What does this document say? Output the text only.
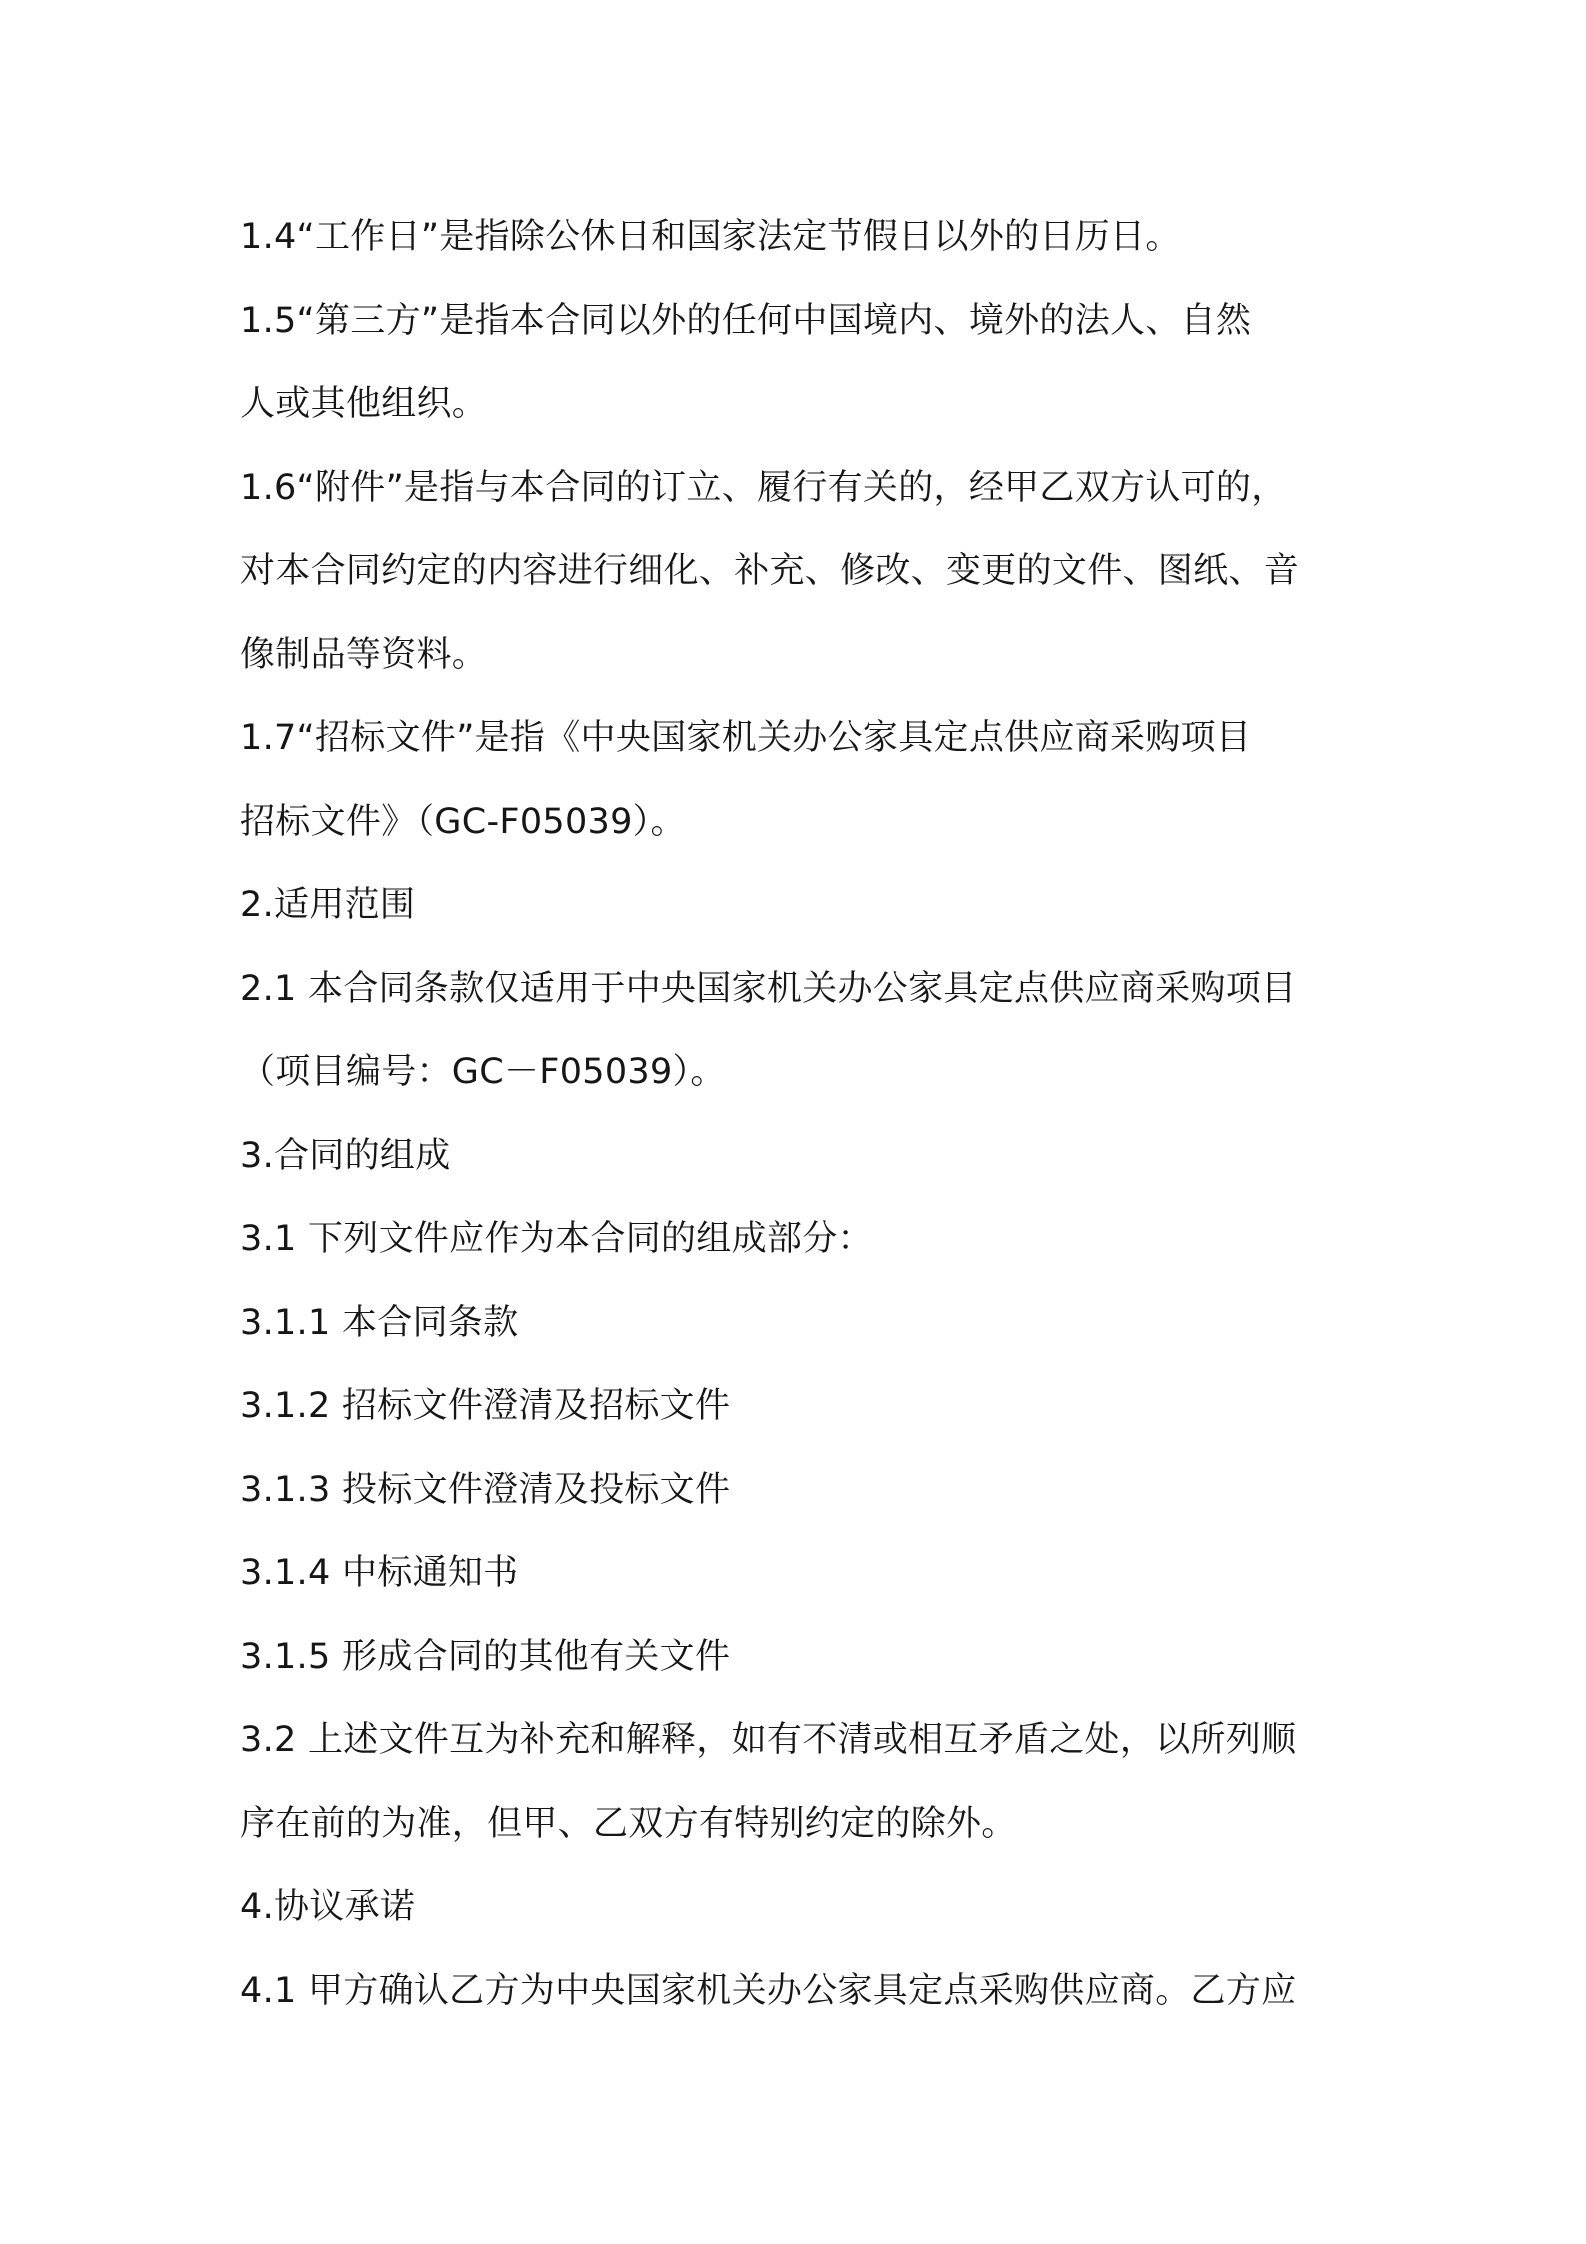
1.4“工作日”是指除公休日和国家法定节假日以外的日历日。
1.5“第三方”是指本合同以外的任何中国境内、境外的法人、自然
人或其他组织。
1.6“附件”是指与本合同的订立、履行有关的，经甲乙双方认可的，
对本合同约定的内容进行细化、补充、修改、变更的文件、图纸、音
像制品等资料。
1.7“招标文件”是指《中央国家机关办公家具定点供应商采购项目
招标文件》（GC-F05039）。
2.适用范围
2.1 本合同条款仅适用于中央国家机关办公家具定点供应商采购项目
（项目编号：GC－F05039）。
3.合同的组成
3.1 下列文件应作为本合同的组成部分：
3.1.1 本合同条款
3.1.2 招标文件澄清及招标文件
3.1.3 投标文件澄清及投标文件
3.1.4 中标通知书
3.1.5 形成合同的其他有关文件
3.2 上述文件互为补充和解释，如有不清或相互矛盾之处，以所列顺
序在前的为准，但甲、乙双方有特别约定的除外。
4.协议承诺
4.1 甲方确认乙方为中央国家机关办公家具定点采购供应商。乙方应
